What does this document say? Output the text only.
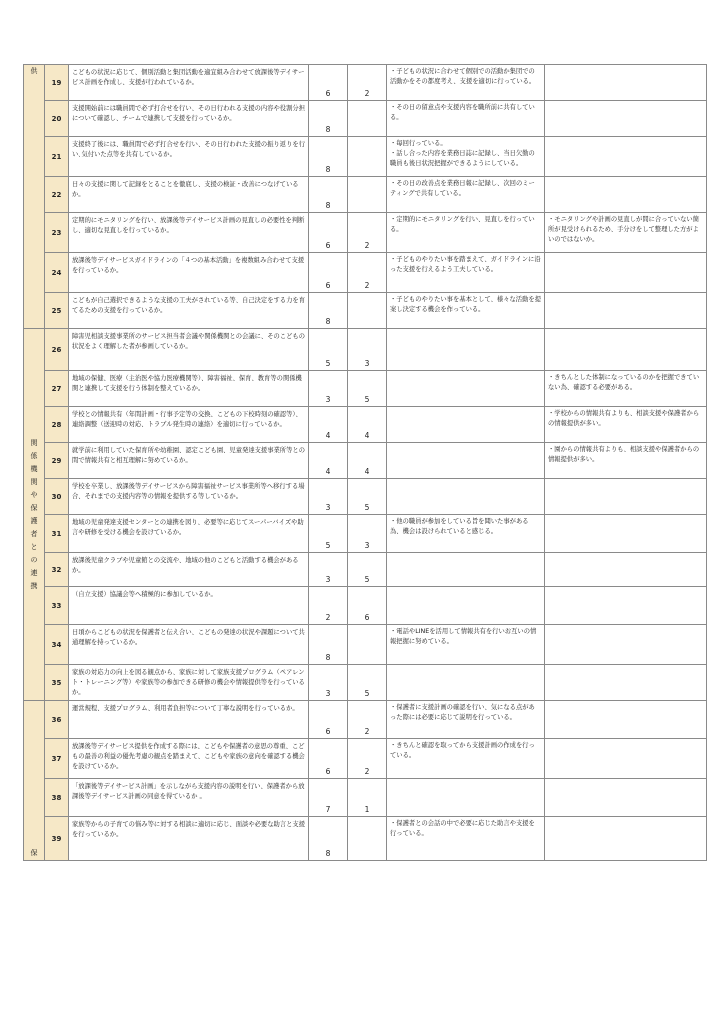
供	19	こどもの状況に応じて、個別活動と集団活動を適宜組み合わせて放課後等デイサービス計画を作成し、支援が行われているか。	6	2	・子どもの状況に合わせて個別での活動か集団での活動かをその都度考え、支援を適切に行っている。	
	20	支援開始前には職員間で必ず打合せを行い、その日行われる支援の内容や役割分担について確認し、チームで連携して支援を行っているか。	8		・その日の留意点や支援内容を職所前に共有している。	
	21	支援終了後には、職員間で必ず打合せを行い、その日行われた支援の振り返りを行い､気付いた点等を共有しているか。	8		・毎回行っている。
・話し合った内容を業務日誌に記録し、当日欠勤の職員も後日状況把握ができるようにしている。	
	22	日々の支援に関して記録をとることを徹底し、支援の検証・改善につなげているか。	8		・その日の改善点を業務日報に記録し、次回のミーティングで共有している。	
	23	定期的にモニタリングを行い、放課後等デイサービス計画の見直しの必要性を判断し、適切な見直しを行っているか。	6	2	・定期的にモニタリングを行い、見直しを行っている。	・モニタリングや計画の見直しが間に合っていない箇所が見受けられるため、手分けをして整理した方がよいのではないか。
	24	放課後等デイサービスガイドラインの「４つの基本活動」を複数組み合わせて支援を行っているか。	6	2	・子どものやりたい事を踏まえて、ガイドラインに沿った支援を行えるよう工夫している。	
	25	こどもが自己選択できるような支援の工夫がされている等、自己決定をする力を育てるための支援を行っているか。	8		・子どものやりたい事を基本として、様々な活動を提案し決定する機会を作っている。	
関係機関や保護者との連携	26	障害児相談支援事業所のサービス担当者会議や関係機関との会議に、そのこどもの状況をよく理解した者が参画しているか。	5	3		
	27	地域の保健、医療（主治医や協力医療機関等）、障害福祉、保育、教育等の関係機関と連携して支援を行う体制を整えているか。	3	5		・きちんとした体制になっているのかを把握できていない為、確認する必要がある。
	28	学校との情報共有（年間計画・行事予定等の交換、こどもの下校時刻の確認等）、連絡調整（送迎時の対応、トラブル発生時の連絡）を適切に行っているか。	4	4		・学校からの情報共有よりも、相談支援や保護者からの情報提供が多い。
	29	就学前に利用していた保育所や幼稚園、認定こども園、児童発達支援事業所等との間で情報共有と相互理解に努めているか。	4	4		・園からの情報共有よりも、相談支援や保護者からの情報提供が多い。
	30	学校を卒業し、放課後等デイサービスから障害福祉サービス事業所等へ移行する場合、それまでの支援内容等の情報を提供する等しているか。	3	5		
	31	地域の児童発達支援センターとの連携を図り、必要等に応じてスーパーバイズや助言や研修を受ける機会を設けているか。	5	3	・他の職員が参加をしている旨を聞いた事がある為、機会は設けられていると感じる。	
	32	放課後児童クラブや児童館との交流や、地域の他のこどもと活動する機会があるか。	3	5		
	33	（自立支援）協議会等へ積極的に参加しているか。	2	6		
	34	日頃からこどもの状況を保護者と伝え合い、こどもの発達の状況や課題について共通理解を持っているか。	8		・電話やLINEを活用して情報共有を行いお互いの情報把握に努めている。	
	35	家族の対応力の向上を図る観点から、家族に対して家族支援プログラム（ペアレント・トレーニング等）や家族等の参加できる研修の機会や情報提供等を行っているか。	3	5		
保	36	運営規程、支援プログラム、利用者負担等について丁寧な説明を行っているか。	6	2	・保護者に支援計画の確認を行い、気になる点があった際には必要に応じて説明を行っている。	
	37	放課後等デイサービス提供を作成する際には、こどもや保護者の意思の尊重、こどもの最善の利益の優先考慮の観点を踏まえて、こどもや家族の意向を確認する機会を設けているか。	6	2	・きちんと確認を取ってから支援計画の作成を行っている。	
	38	「放課後等デイサービス計画」を示しながら支援内容の説明を行い、保護者から放課後等デイサービス計画の同意を得ているか 。	7	1		
	39	家族等からの子育ての悩み等に対する相談に適切に応じ、面談や必要な助言と支援を行っているか。	8		・保護者との会話の中で必要に応じた助言や支援を行っている。	
